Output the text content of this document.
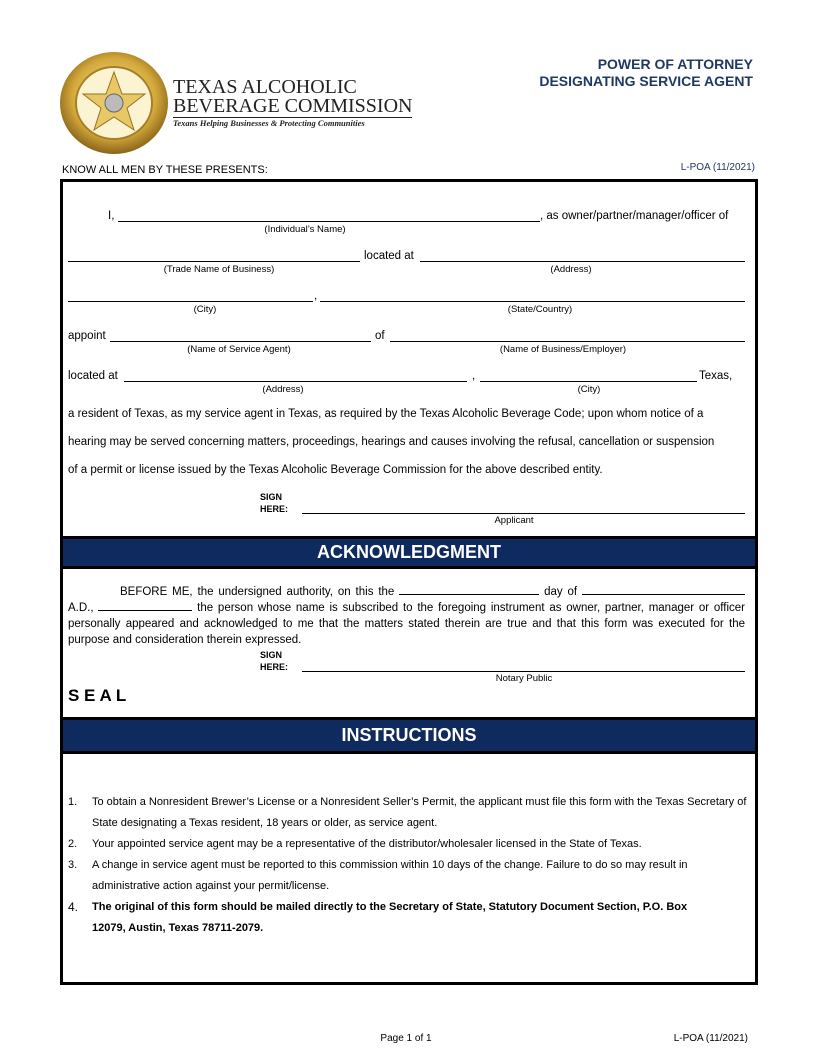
TEXAS ALCOHOLIC
BEVERAGE COMMISSION
Texans Helping Businesses & Protecting Communities
POWER OF ATTORNEY
DESIGNATING SERVICE AGENT
KNOW ALL MEN BY THESE PRESENTS:	L-POA (11/2021)
I,	, as owner/partner/manager/officer of
(Individual’s Name)
located at
(Trade Name of Business)	(Address)
,
(City)	(State/Country)
appoint	of
(Name of Service Agent)	(Name of Business/Employer)
located at	,	Texas,
(Address)	(City)
a resident of Texas, as my service agent in Texas, as required by the Texas Alcoholic Beverage Code; upon whom notice of a
hearing may be served concerning matters, proceedings, hearings and causes involving the refusal, cancellation or suspension
of a permit or license issued by the Texas Alcoholic Beverage Commission for the above described entity.
SIGN
HERE:
Applicant
ACKNOWLEDGMENT
BEFORE ME, the undersigned authority, on this the	day of  A.D.,	the person whose name is subscribed to the foregoing instrument as owner, partner, manager or officer personally appeared and acknowledged to me that the matters stated therein are true and that this form was executed for the purpose and consideration therein expressed.
SIGN
HERE:
Notary Public
S E A L
INSTRUCTIONS
1. To obtain a Nonresident Brewer’s License or a Nonresident Seller’s Permit, the applicant must file this form with the Texas Secretary of State designating a Texas resident, 18 years or older, as service agent.
2. Your appointed service agent may be a representative of the distributor/wholesaler licensed in the State of Texas.
3. A change in service agent must be reported to this commission within 10 days of the change. Failure to do so may result in administrative action against your permit/license.
4. The original of this form should be mailed directly to the Secretary of State, Statutory Document Section, P.O. Box 12079, Austin, Texas 78711-2079.
Page 1 of 1	L-POA (11/2021)
